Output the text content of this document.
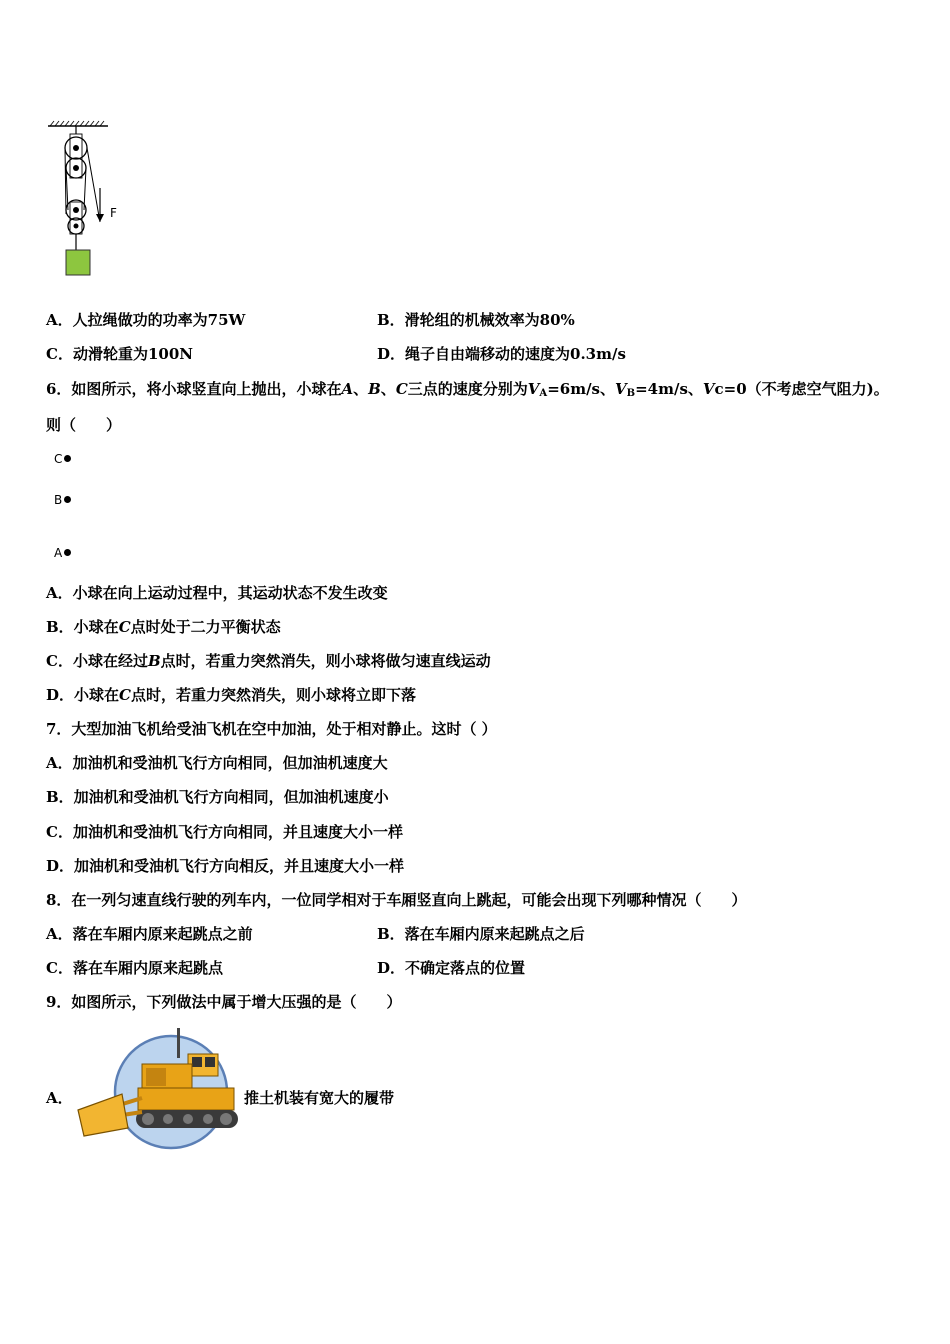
F
A．人拉绳做功的功率为75W	B．滑轮组的机械效率为80%
C．动滑轮重为100N	D．绳子自由端移动的速度为0.3m/s
6．如图所示，将小球竖直向上抛出，小球在A、B、C三点的速度分别为$V_A=6m/s$、$V_B=4m/s$、Vc=0（不考虑空气阻力)。
则（　　）
C
B
A
A．小球在向上运动过程中，其运动状态不发生改变
B．小球在C点时处于二力平衡状态
C．小球在经过B点时，若重力突然消失，则小球将做匀速直线运动
D．小球在C点时，若重力突然消失，则小球将立即下落
7．大型加油飞机给受油飞机在空中加油，处于相对静止。这时（ ）
A．加油机和受油机飞行方向相同，但加油机速度大
B．加油机和受油机飞行方向相同，但加油机速度小
C．加油机和受油机飞行方向相同，并且速度大小一样
D．加油机和受油机飞行方向相反，并且速度大小一样
8．在一列匀速直线行驶的列车内，一位同学相对于车厢竖直向上跳起，可能会出现下列哪种情况（　　）
A．落在车厢内原来起跳点之前	B．落在车厢内原来起跳点之后
C．落在车厢内原来起跳点	D．不确定落点的位置
9．如图所示，下列做法中属于增大压强的是（　　）
A．	推土机装有宽大的履带
